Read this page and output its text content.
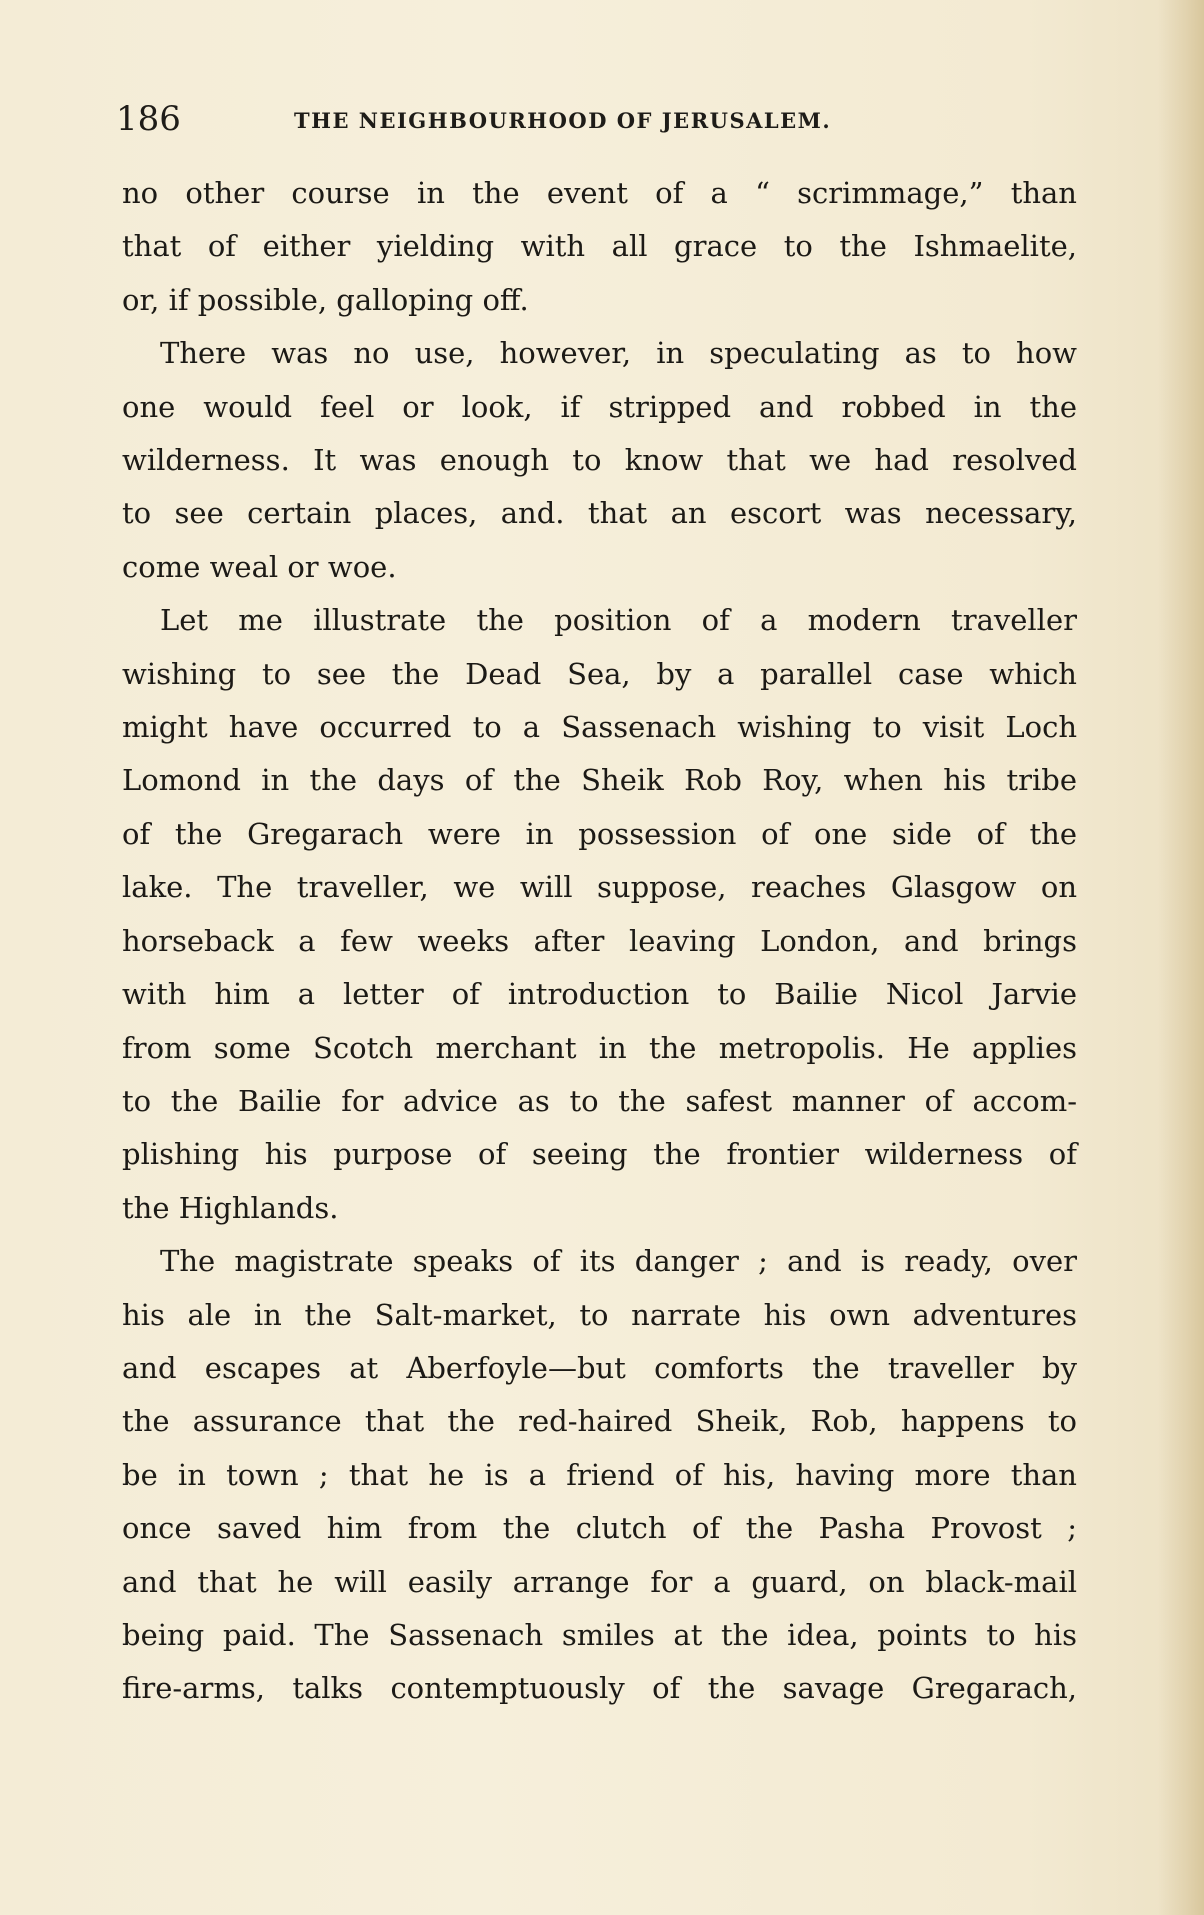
186	THE NEIGHBOURHOOD OF JERUSALEM.

no other course in the event of a “ scrimmage,” than

that of either yielding with all grace to the Ishmaelite,

or, if possible, galloping off.

There was no use, however, in speculating as to how

one would feel or look, if stripped and robbed in the

wilderness. It was enough to know that we had resolved

to see certain places, and. that an escort was necessary,

come weal or woe.

Let me illustrate the position of a modern traveller

wishing to see the Dead Sea, by a parallel case which

might have occurred to a Sassenach wishing to visit Loch

Lomond in the days of the Sheik Rob Roy, when his tribe

of the Gregarach were in possession of one side of the

lake. The traveller, we will suppose, reaches Glasgow on

horseback a few weeks after leaving London, and brings

with him a letter of introduction to Bailie Nicol Jarvie

from some Scotch merchant in the metropolis. He applies

to the Bailie for advice as to the safest manner of accom-

plishing his purpose of seeing the frontier wilderness of

the Highlands.

The magistrate speaks of its danger ; and is ready, over

his ale in the Salt-market, to narrate his own adventures

and escapes at Aberfoyle—but comforts the traveller by

the assurance that the red-haired Sheik, Rob, happens to

be in town ; that he is a friend of his, having more than

once saved him from the clutch of the Pasha Provost ;

and that he will easily arrange for a guard, on black-mail

being paid. The Sassenach smiles at the idea, points to his

fire-arms, talks contemptuously of the savage Gregarach,
